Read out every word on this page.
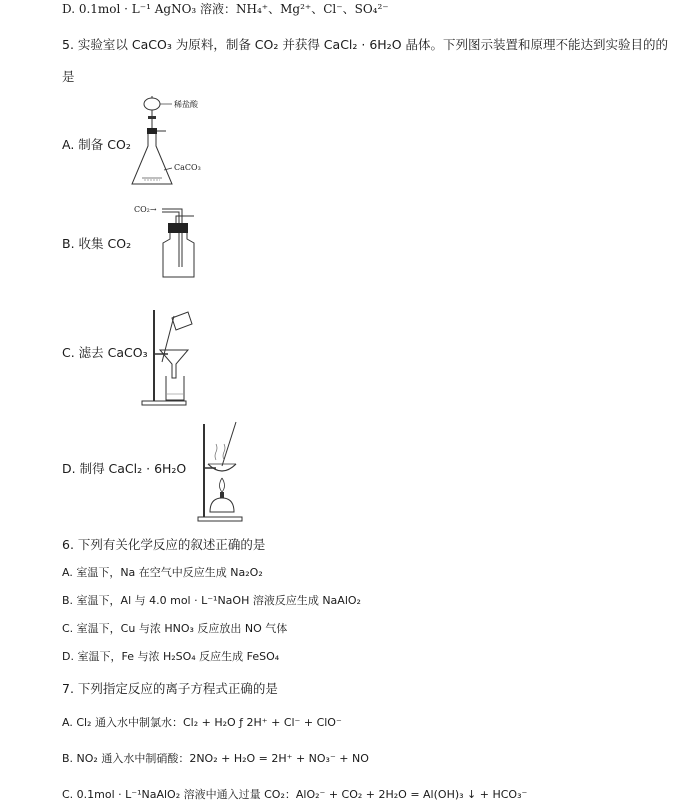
D. 0.1mol · L⁻¹ AgNO₃ 溶液：NH₄⁺、Mg²⁺、Cl⁻、SO₄²⁻
5. 实验室以 CaCO₃ 为原料，制备 CO₂ 并获得 CaCl₂ · 6H₂O 晶体。下列图示装置和原理不能达到实验目的的
是
A. 制备 CO₂
稀盐酸
CaCO₃
B. 收集 CO₂
CO₂→
C. 滤去 CaCO₃
D. 制得 CaCl₂ · 6H₂O
6. 下列有关化学反应的叙述正确的是
A. 室温下，Na 在空气中反应生成 Na₂O₂
B. 室温下，Al 与 4.0 mol · L⁻¹NaOH 溶液反应生成 NaAlO₂
C. 室温下，Cu 与浓 HNO₃ 反应放出 NO 气体
D. 室温下，Fe 与浓 H₂SO₄ 反应生成 FeSO₄
7. 下列指定反应的离子方程式正确的是
A. Cl₂ 通入水中制氯水：Cl₂ + H₂O ƒ 2H⁺ + Cl⁻ + ClO⁻
B. NO₂ 通入水中制硝酸：2NO₂ + H₂O = 2H⁺ + NO₃⁻ + NO
C. 0.1mol · L⁻¹NaAlO₂ 溶液中通入过量 CO₂：AlO₂⁻ + CO₂ + 2H₂O = Al(OH)₃ ↓ + HCO₃⁻
